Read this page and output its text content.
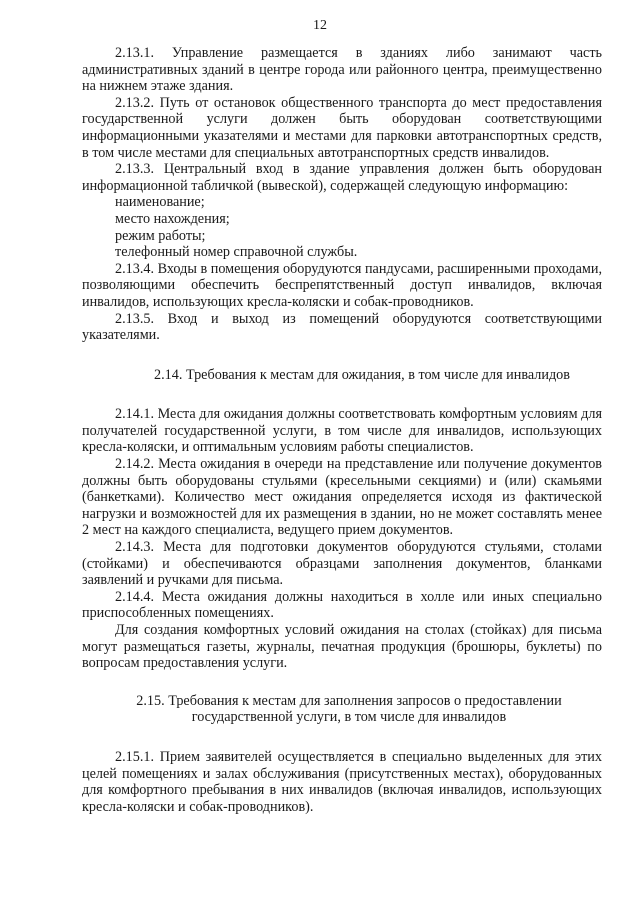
12

2.13.1. Управление размещается в зданиях либо занимают часть административных зданий в центре города или районного центра, преимущественно на нижнем этаже здания.

2.13.2. Путь от остановок общественного транспорта до мест предоставления государственной услуги должен быть оборудован соответствующими информационными указателями и местами для парковки автотранспортных средств, в том числе местами для специальных автотранспортных средств инвалидов.

2.13.3. Центральный вход в здание управления должен быть оборудован информационной табличкой (вывеской), содержащей следующую информацию:

наименование;

место нахождения;

режим работы;

телефонный номер справочной службы.

2.13.4. Входы в помещения оборудуются пандусами, расширенными проходами, позволяющими обеспечить беспрепятственный доступ инвалидов, включая инвалидов, использующих кресла-коляски и собак-проводников.

2.13.5. Вход и выход из помещений оборудуются соответствующими указателями.

2.14. Требования к местам для ожидания, в том числе для инвалидов

2.14.1. Места для ожидания должны соответствовать комфортным условиям для получателей государственной услуги, в том числе для инвалидов, использующих кресла-коляски, и оптимальным условиям работы специалистов.

2.14.2. Места ожидания в очереди на представление или получение документов должны быть оборудованы стульями (кресельными секциями) и (или) скамьями (банкетками). Количество мест ожидания определяется исходя из фактической нагрузки и возможностей для их размещения в здании, но не может составлять менее 2 мест на каждого специалиста, ведущего прием документов.

2.14.3. Места для подготовки документов оборудуются стульями, столами (стойками) и обеспечиваются образцами заполнения документов, бланками заявлений и ручками для письма.

2.14.4. Места ожидания должны находиться в холле или иных специально приспособленных помещениях.

Для создания комфортных условий ожидания на столах (стойках) для письма могут размещаться газеты, журналы, печатная продукция (брошюры, буклеты) по вопросам предоставления услуги.

2.15. Требования к местам для заполнения запросов о предоставлении
государственной услуги, в том числе для инвалидов

2.15.1. Прием заявителей осуществляется в специально выделенных для этих целей помещениях и залах обслуживания (присутственных местах), оборудованных для комфортного пребывания в них инвалидов (включая инвалидов, использующих кресла-коляски и собак-проводников).
